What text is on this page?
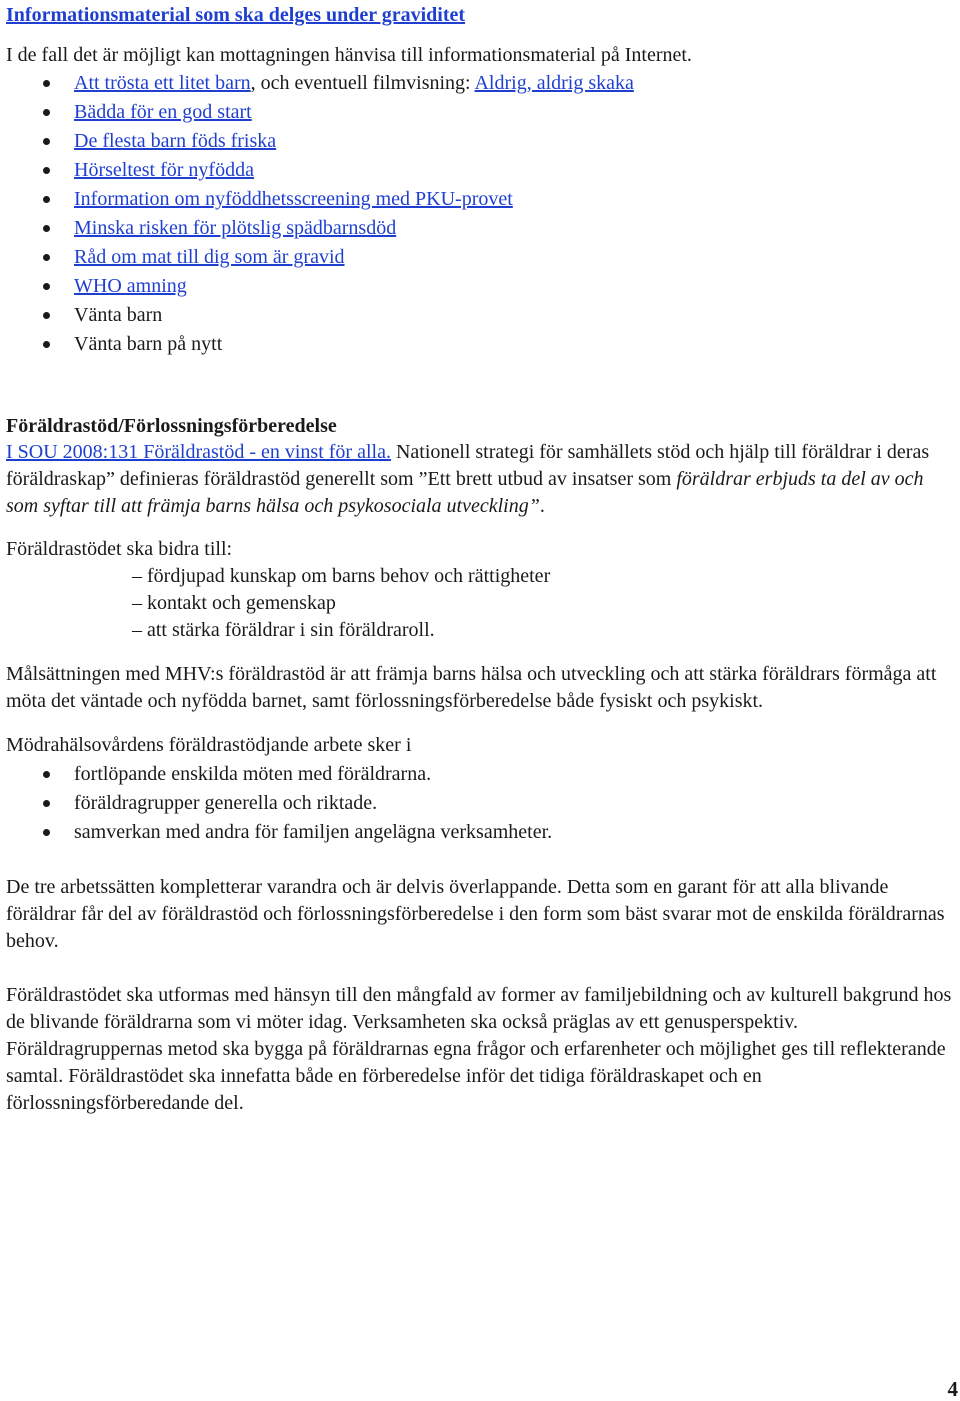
Informationsmaterial som ska delges under graviditet

I de fall det är möjligt kan mottagningen hänvisa till informationsmaterial på Internet.

Att trösta ett litet barn, och eventuell filmvisning: Aldrig, aldrig skaka
Bädda för en god start
De flesta barn föds friska
Hörseltest för nyfödda
Information om nyföddhetsscreening med PKU-provet
Minska risken för plötslig spädbarnsdöd
Råd om mat till dig som är gravid
WHO amning
Vänta barn
Vänta barn på nytt

Föräldrastöd/Förlossningsförberedelse

I SOU 2008:131 Föräldrastöd - en vinst för alla. Nationell strategi för samhällets stöd och hjälp till föräldrar i deras föräldraskap” definieras föräldrastöd generellt som ”Ett brett utbud av insatser som föräldrar erbjuds ta del av och som syftar till att främja barns hälsa och psykosociala utveckling”.

Föräldrastödet ska bidra till:

– fördjupad kunskap om barns behov och rättigheter
– kontakt och gemenskap
– att stärka föräldrar i sin föräldraroll.

Målsättningen med MHV:s föräldrastöd är att främja barns hälsa och utveckling och att stärka föräldrars förmåga att möta det väntade och nyfödda barnet, samt förlossningsförberedelse både fysiskt och psykiskt.

Mödrahälsovårdens föräldrastödjande arbete sker i

fortlöpande enskilda möten med föräldrarna.
föräldragrupper generella och riktade.
samverkan med andra för familjen angelägna verksamheter.

De tre arbetssätten kompletterar varandra och är delvis överlappande. Detta som en garant för att alla blivande föräldrar får del av föräldrastöd och förlossningsförberedelse i den form som bäst svarar mot de enskilda föräldrarnas behov.

Föräldrastödet ska utformas med hänsyn till den mångfald av former av familjebildning och av kulturell bakgrund hos de blivande föräldrarna som vi möter idag. Verksamheten ska också präglas av ett genusperspektiv. Föräldragruppernas metod ska bygga på föräldrarnas egna frågor och erfarenheter och möjlighet ges till reflekterande samtal. Föräldrastödet ska innefatta både en förberedelse inför det tidiga föräldraskapet och en förlossningsförberedande del.

4
